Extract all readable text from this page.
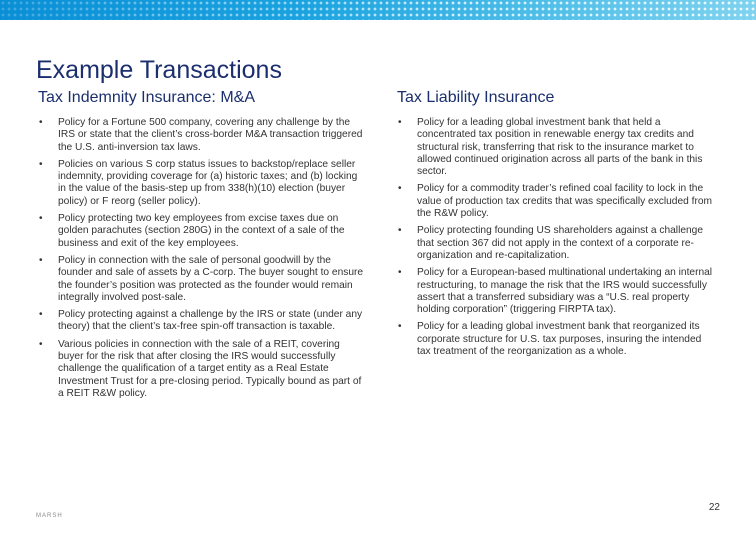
Example Transactions
Tax Indemnity Insurance: M&A
• Policy for a Fortune 500 company, covering any challenge by the IRS or state that the client’s cross-border M&A transaction triggered the U.S. anti-inversion tax laws.
• Policies on various S corp status issues to backstop/replace seller indemnity, providing coverage for (a) historic taxes; and (b) locking in the value of the basis-step up from 338(h)(10) election (buyer policy) or F reorg (seller policy).
• Policy protecting two key employees from excise taxes due on golden parachutes (section 280G) in the context of a sale of the business and exit of the key employees.
• Policy in connection with the sale of personal goodwill by the founder and sale of assets by a C-corp. The buyer sought to ensure the founder’s position was protected as the founder would remain integrally involved post-sale.
• Policy protecting against a challenge by the IRS or state (under any theory) that the client’s tax-free spin-off transaction is taxable.
• Various policies in connection with the sale of a REIT, covering buyer for the risk that after closing the IRS would successfully challenge the qualification of a target entity as a Real Estate Investment Trust for a pre-closing period. Typically bound as part of a REIT R&W policy.
Tax Liability Insurance
• Policy for a leading global investment bank that held a concentrated tax position in renewable energy tax credits and structural risk, transferring that risk to the insurance market to allowed continued origination across all parts of the bank in this sector.
• Policy for a commodity trader’s refined coal facility to lock in the value of production tax credits that was specifically excluded from the R&W policy.
• Policy protecting founding US shareholders against a challenge that section 367 did not apply in the context of a corporate re-organization and re-capitalization.
• Policy for a European-based multinational undertaking an internal restructuring, to manage the risk that the IRS would successfully assert that a transferred subsidiary was a “U.S. real property holding corporation” (triggering FIRPTA tax).
• Policy for a leading global investment bank that reorganized its corporate structure for U.S. tax purposes, insuring the intended tax treatment of the reorganization as a whole.
MARSH
22
